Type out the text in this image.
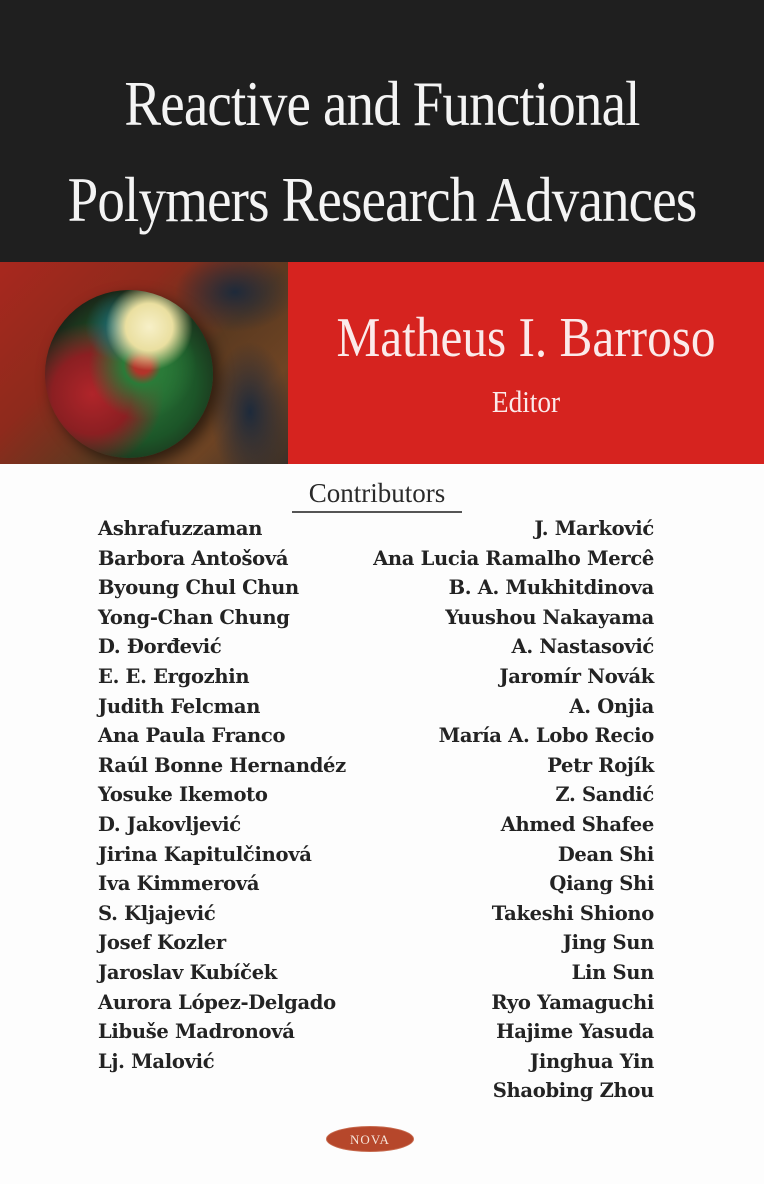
Reactive and Functional
Polymers Research Advances
Matheus I. Barroso
Editor
Contributors
Ashrafuzzaman
Barbora Antošová
Byoung Chul Chun
Yong-Chan Chung
D. Đorđević
E. E. Ergozhin
Judith Felcman
Ana Paula Franco
Raúl Bonne Hernandéz
Yosuke Ikemoto
D. Jakovljević
Jirina Kapitulčinová
Iva Kimmerová
S. Kljajević
Josef Kozler
Jaroslav Kubíček
Aurora López-Delgado
Libuše Madronová
Lj. Malović
J. Marković
Ana Lucia Ramalho Mercê
B. A. Mukhitdinova
Yuushou Nakayama
A. Nastasović
Jaromír Novák
A. Onjia
María A. Lobo Recio
Petr Rojík
Z. Sandić
Ahmed Shafee
Dean Shi
Qiang Shi
Takeshi Shiono
Jing Sun
Lin Sun
Ryo Yamaguchi
Hajime Yasuda
Jinghua Yin
Shaobing Zhou
NOVA
